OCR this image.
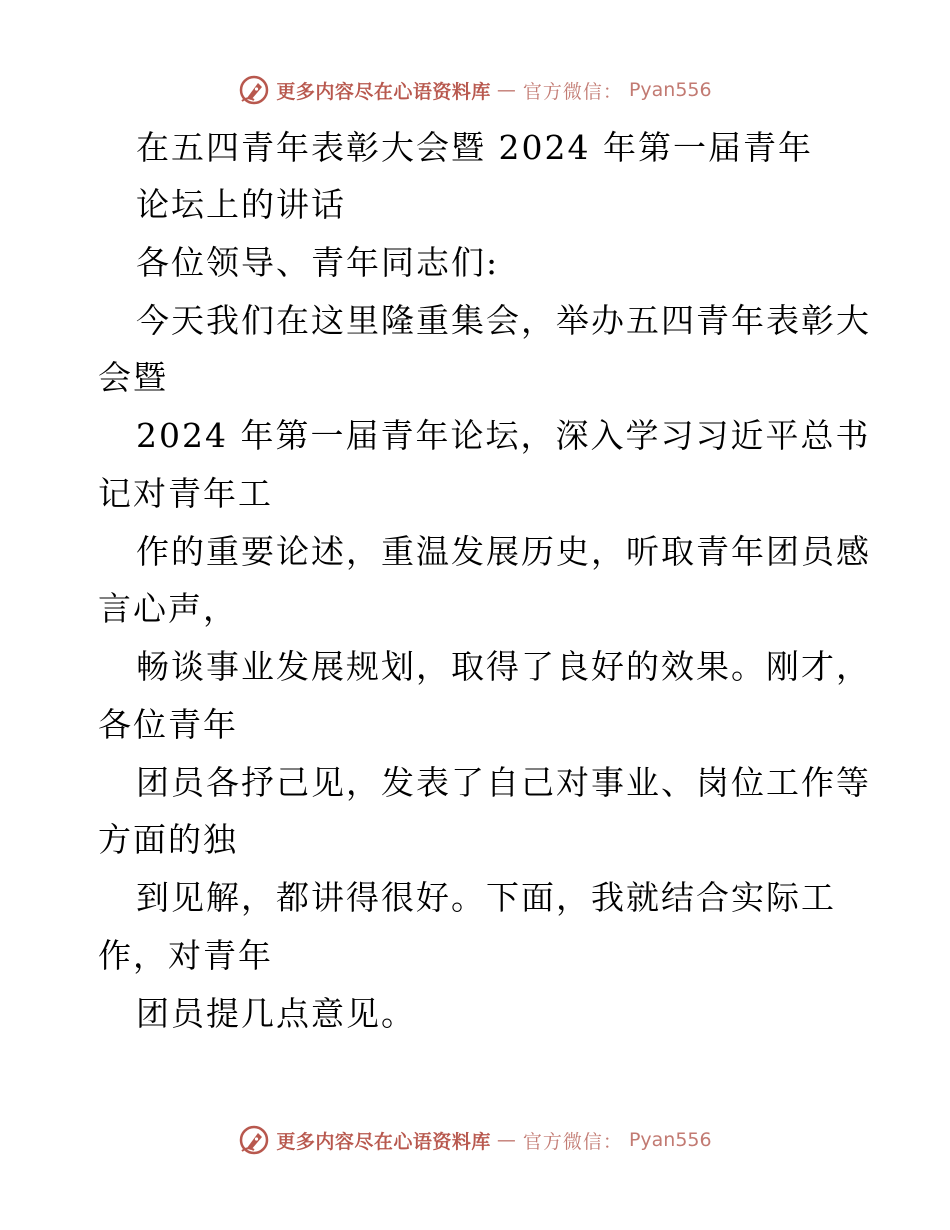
更多内容尽在心语资料库 — 官方微信： Pyan556
在五四青年表彰大会暨 2024 年第一届青年
论坛上的讲话
各位领导、青年同志们:
今天我们在这里隆重集会，举办五四青年表彰大
会暨
2024 年第一届青年论坛，深入学习习近平总书
记对青年工
作的重要论述，重温发展历史，听取青年团员感
言心声，
畅谈事业发展规划，取得了良好的效果。刚才，
各位青年
团员各抒己见，发表了自己对事业、岗位工作等
方面的独
到见解，都讲得很好。下面，我就结合实际工
作，对青年
团员提几点意见。
更多内容尽在心语资料库 — 官方微信： Pyan556
